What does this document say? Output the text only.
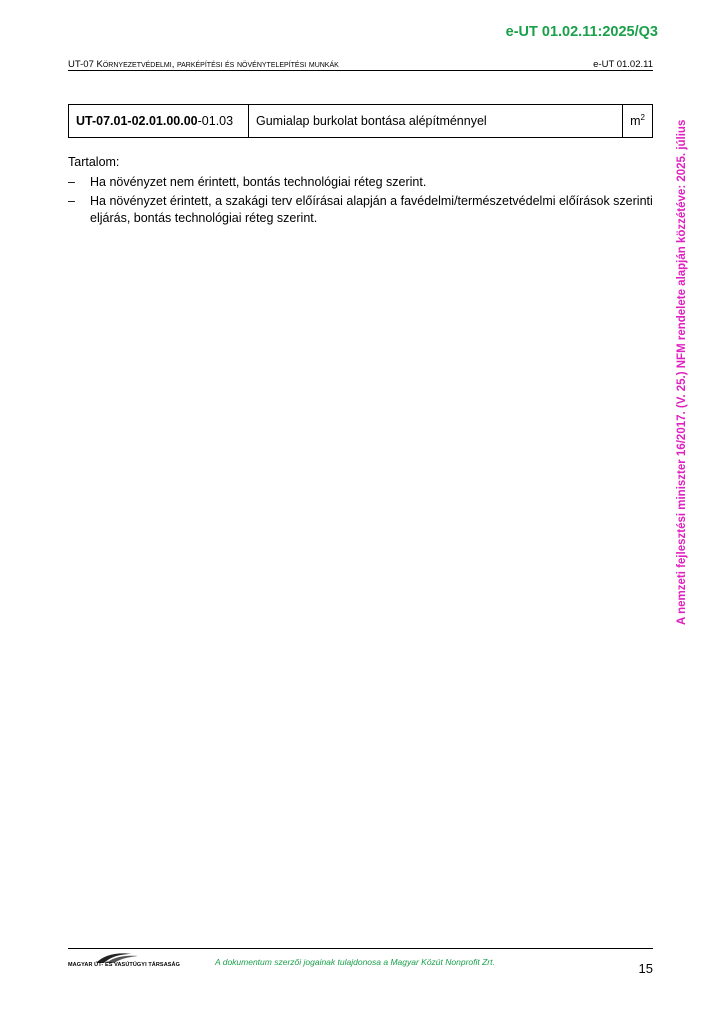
e-UT 01.02.11:2025/Q3
UT-07 Környezetvédelmi, parképítési és növénytelepítési munkák	e-UT 01.02.11
UT-07.01-02.01.00.00-01.03	Gumialap burkolat bontása alépítménnyel	$m^2$
Tartalom:
– Ha növényzet nem érintett, bontás technológiai réteg szerint.
– Ha növényzet érintett, a szakági terv előírásai alapján a favédelmi/természetvédelmi előírások szerinti eljárás, bontás technológiai réteg szerint.	A nemzeti fejlesztési miniszter 16/2017. (V. 25.) NFM rendelete alapján közzétéve: 2025. július
MAGYAR ÚT- ÉS VASÚTÜGYI TÁRSASÁG	A dokumentum szerzői jogainak tulajdonosa a Magyar Közút Nonprofit Zrt.	15
